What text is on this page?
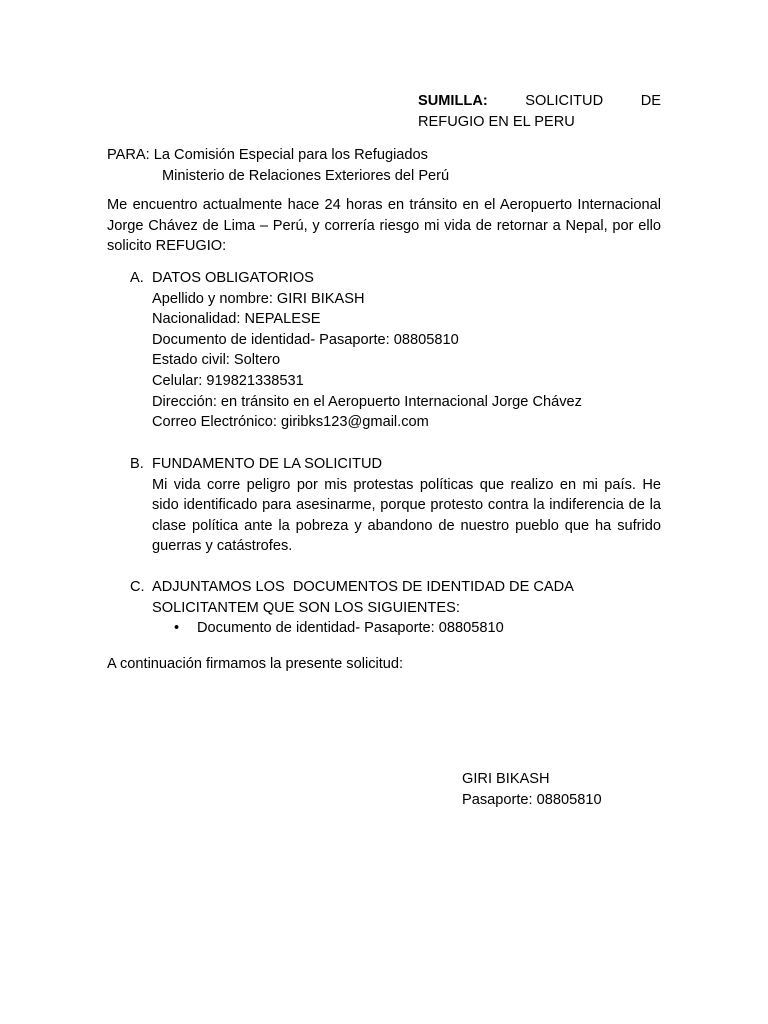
SUMILLA:	SOLICITUD	DE
REFUGIO EN EL PERU
PARA: La Comisión Especial para los Refugiados
Ministerio de Relaciones Exteriores del Perú
Me encuentro actualmente hace 24 horas en tránsito en el Aeropuerto Internacional Jorge Chávez de Lima – Perú, y correría riesgo mi vida de retornar a Nepal, por ello solicito REFUGIO:
A. DATOS OBLIGATORIOS
Apellido y nombre: GIRI BIKASH
Nacionalidad: NEPALESE
Documento de identidad- Pasaporte: 08805810
Estado civil: Soltero
Celular: 919821338531
Dirección: en tránsito en el Aeropuerto Internacional Jorge Chávez
Correo Electrónico: giribks123@gmail.com
B. FUNDAMENTO DE LA SOLICITUD
Mi vida corre peligro por mis protestas políticas que realizo en mi país. He sido identificado para asesinarme, porque protesto contra la indiferencia de la clase política ante la pobreza y abandono de nuestro pueblo que ha sufrido guerras y catástrofes.
C. ADJUNTAMOS LOS  DOCUMENTOS DE IDENTIDAD DE CADA
SOLICITANTEM QUE SON LOS SIGUIENTES:
•	Documento de identidad- Pasaporte: 08805810
A continuación firmamos la presente solicitud:
GIRI BIKASH
Pasaporte: 08805810
